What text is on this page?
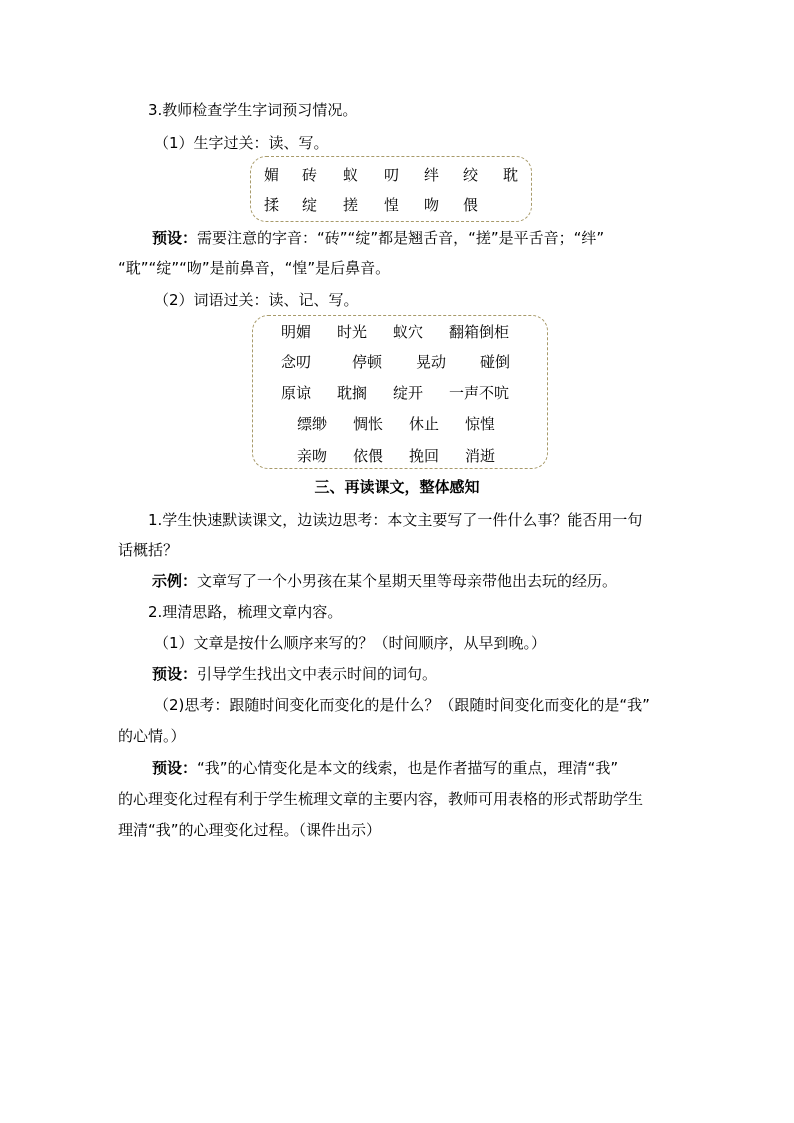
3.教师检查学生字词预习情况。
（1）生字过关：读、写。
媚 砖 蚁 叨 绊 绞 耽
揉 绽 搓 惶 吻 偎
预设：需要注意的字音：“砖”“绽”都是翘舌音，“搓”是平舌音；“绊”
“耽”“绽”“吻”是前鼻音，“惶”是后鼻音。
（2）词语过关：读、记、写。
明媚 时光 蚁穴 翻箱倒柜
念叨	停顿 晃动 碰倒
原谅 耽搁 绽开 一声不吭
缥缈 惆怅 休止 惊惶
亲吻 依偎 挽回 消逝
三、再读课文，整体感知
1.学生快速默读课文，边读边思考：本文主要写了一件什么事？能否用一句
话概括？
示例：文章写了一个小男孩在某个星期天里等母亲带他出去玩的经历。
2.理清思路，梳理文章内容。
（1）文章是按什么顺序来写的？（时间顺序，从早到晚。）
预设：引导学生找出文中表示时间的词句。
（2)思考：跟随时间变化而变化的是什么？（跟随时间变化而变化的是“我”
的心情。）
预设：“我”的心情变化是本文的线索，也是作者描写的重点，理清“我”
的心理变化过程有利于学生梳理文章的主要内容，教师可用表格的形式帮助学生
理清“我”的心理变化过程。（课件出示）
